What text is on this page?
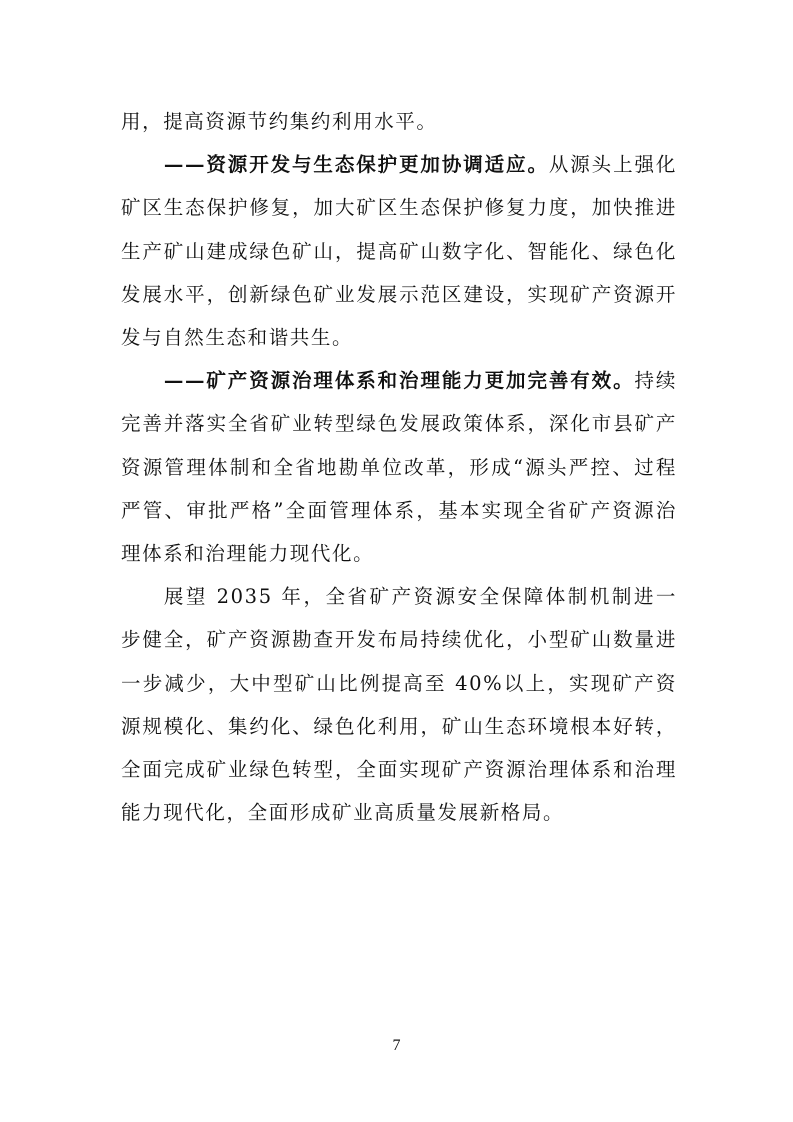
用，提高资源节约集约利用水平。

——资源开发与生态保护更加协调适应。从源头上强化矿区生态保护修复，加大矿区生态保护修复力度，加快推进生产矿山建成绿色矿山，提高矿山数字化、智能化、绿色化发展水平，创新绿色矿业发展示范区建设，实现矿产资源开发与自然生态和谐共生。

——矿产资源治理体系和治理能力更加完善有效。持续完善并落实全省矿业转型绿色发展政策体系，深化市县矿产资源管理体制和全省地勘单位改革，形成“源头严控、过程严管、审批严格”全面管理体系，基本实现全省矿产资源治理体系和治理能力现代化。

展望 2035 年，全省矿产资源安全保障体制机制进一步健全，矿产资源勘查开发布局持续优化，小型矿山数量进一步减少，大中型矿山比例提高至 40%以上，实现矿产资源规模化、集约化、绿色化利用，矿山生态环境根本好转，全面完成矿业绿色转型，全面实现矿产资源治理体系和治理能力现代化，全面形成矿业高质量发展新格局。

7
